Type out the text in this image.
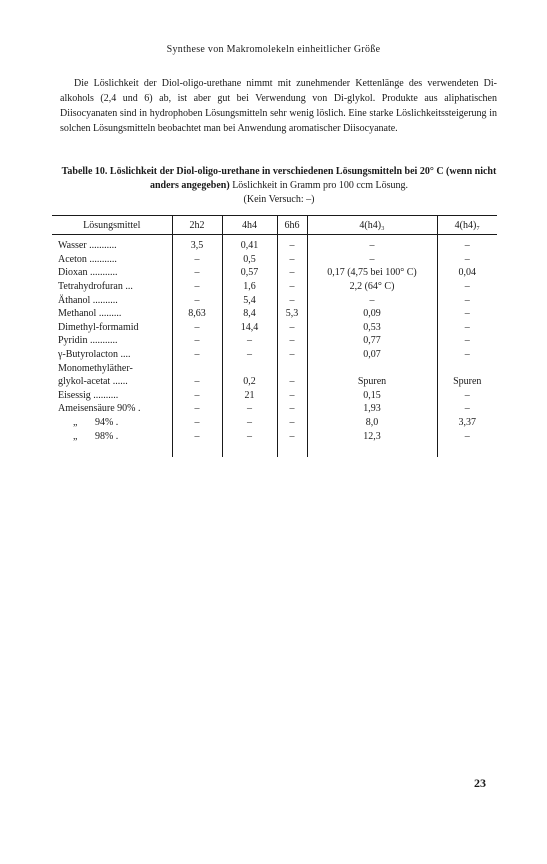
Synthese von Makromolekeln einheitlicher Größe

Die Löslichkeit der Diol-oligo-urethane nimmt mit zunehmender Kettenlänge des verwendeten Di-alkohols (2,4 und 6) ab, ist aber gut bei Verwendung von Di-glykol. Produkte aus aliphatischen Diisocyanaten sind in hydrophoben Lösungsmitteln sehr wenig löslich. Eine starke Löslichkeitssteigerung in solchen Lösungsmitteln beobachtet man bei Anwendung aromatischer Diisocyanate.

Tabelle 10. Löslichkeit der Diol-oligo-urethane in verschiedenen Lösungsmitteln bei 20° C (wenn nicht anders angegeben) Löslichkeit in Gramm pro 100 ccm Lösung.
(Kein Versuch: –)
Lösungsmittel	2h2	4h4	6h6	4(h4)₃	4(h4)₇
Wasser ...........	3,5	0,41	–	–	–
Aceton ...........	–	0,5	–	–	–
Dioxan ...........	–	0,57	–	0,17 (4,75 bei 100° C)	0,04
Tetrahydrofuran ...	–	1,6	–	2,2 (64° C)	–
Äthanol ..........	–	5,4	–	–	–
Methanol .........	8,63	8,4	5,3	0,09	–
Dimethyl-formamid	–	14,4	–	0,53	–
Pyridin ...........	–	–	–	0,77	–
γ-Butyrolacton ....	–	–	–	0,07	–
Monomethyläther-					
glykol-acetat ......	–	0,2	–	Spuren	Spuren
Eisessig ..........	–	21	–	0,15	–
Ameisensäure 90% .	–	–	–	1,93	–
„       94% .	–	–	–	8,0	3,37
„       98% .	–	–	–	12,3	–
23
